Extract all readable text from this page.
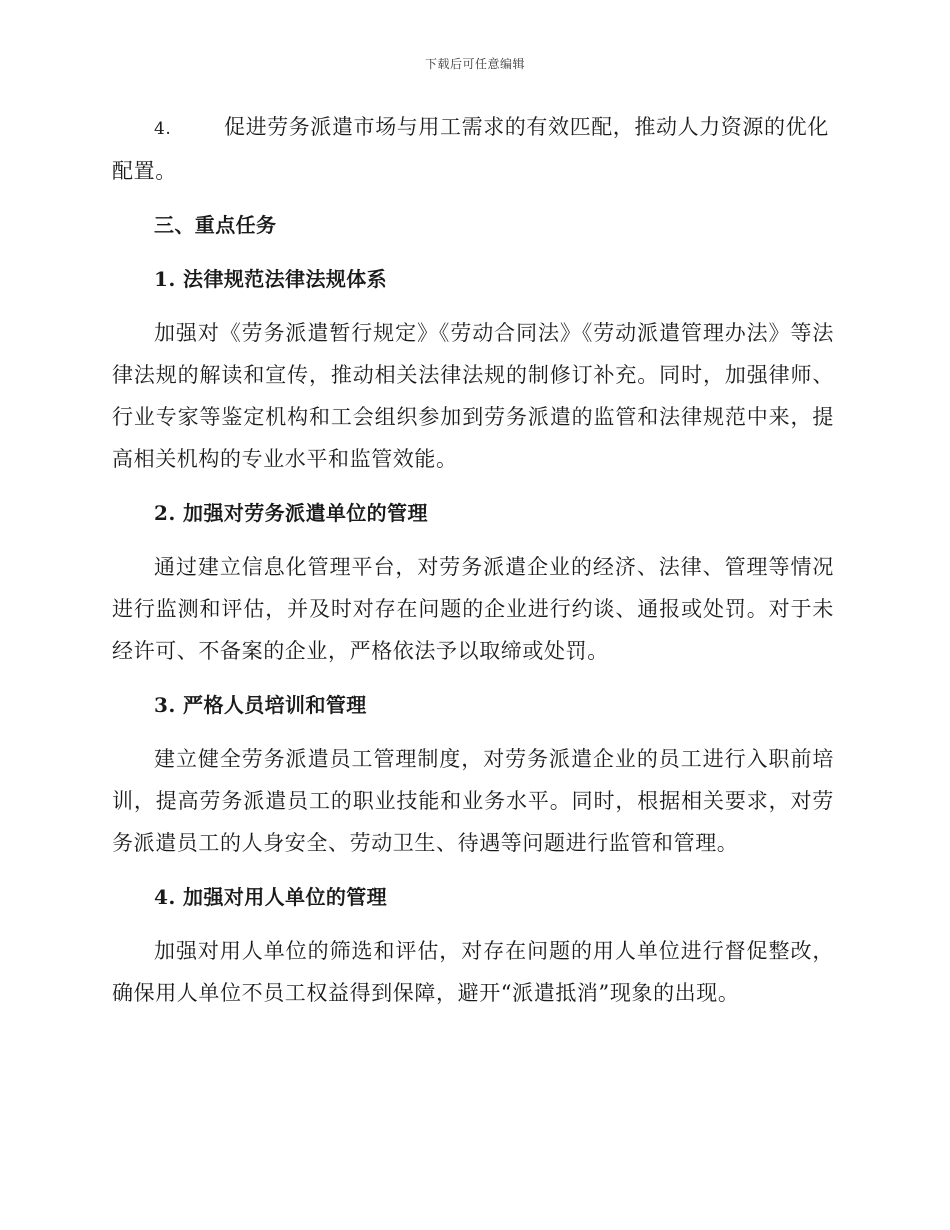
下载后可任意编辑

4.	促进劳务派遣市场与用工需求的有效匹配，推动人力资源的优化配置。

三、重点任务

1. 法律规范法律法规体系

加强对《劳务派遣暂行规定》《劳动合同法》《劳动派遣管理办法》等法律法规的解读和宣传，推动相关法律法规的制修订补充。同时，加强律师、行业专家等鉴定机构和工会组织参加到劳务派遣的监管和法律规范中来，提高相关机构的专业水平和监管效能。

2. 加强对劳务派遣单位的管理

通过建立信息化管理平台，对劳务派遣企业的经济、法律、管理等情况进行监测和评估，并及时对存在问题的企业进行约谈、通报或处罚。对于未经许可、不备案的企业，严格依法予以取缔或处罚。

3. 严格人员培训和管理

建立健全劳务派遣员工管理制度，对劳务派遣企业的员工进行入职前培训，提高劳务派遣员工的职业技能和业务水平。同时，根据相关要求，对劳务派遣员工的人身安全、劳动卫生、待遇等问题进行监管和管理。

4. 加强对用人单位的管理

加强对用人单位的筛选和评估，对存在问题的用人单位进行督促整改，确保用人单位不员工权益得到保障，避开“派遣抵消”现象的出现。
